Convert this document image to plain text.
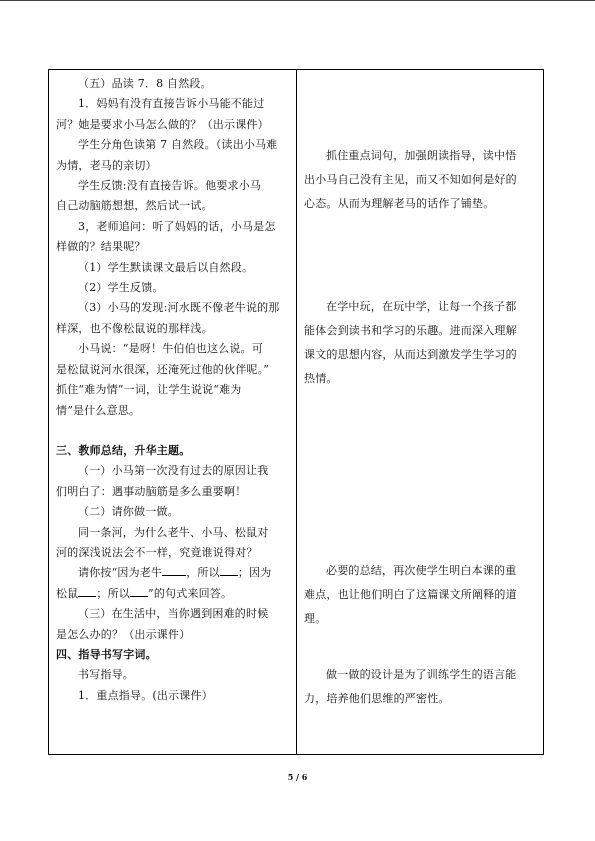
（五）品读 7．8 自然段。
1．妈妈有没有直接告诉小马能不能过
河？她是要求小马怎么做的？（出示课件）
学生分角色读第 7 自然段。（读出小马难
为情，老马的亲切）
学生反馈:没有直接告诉。他要求小马
自己动脑筋想想，然后试一试。
3，老师追问：听了妈妈的话，小马是怎
样做的？结果呢？
（1）学生默读课文最后以自然段。
（2）学生反馈。
（3）小马的发现:河水既不像老牛说的那
样深，也不像松鼠说的那样浅。
小马说：“是呀！牛伯伯也这么说。可
是松鼠说河水很深，还淹死过他的伙伴呢。”
抓住“难为情”一词，让学生说说“难为
情”是什么意思。
三、教师总结，升华主题。
（一）小马第一次没有过去的原因让我
们明白了：遇事动脑筋是多么重要啊！
（二）请你做一做。
同一条河，为什么老牛、小马、松鼠对
河的深浅说法会不一样，究竟谁说得对？
请你按“因为老牛 ，所以 ；因为
松鼠 ；所以 ”的句式来回答。
（三）在生活中，当你遇到困难的时候
是怎么办的？（出示课件）
四、指导书写字词。
书写指导。
1．重点指导。(出示课件）
抓住重点词句，加强朗读指导，读中悟
出小马自己没有主见，而又不知如何是好的
心态。从而为理解老马的话作了铺垫。
在学中玩，在玩中学，让每一个孩子都
能体会到读书和学习的乐趣。进而深入理解
课文的思想内容，从而达到激发学生学习的
热情。
必要的总结，再次使学生明白本课的重
难点，也让他们明白了这篇课文所阐释的道
理。
做一做的设计是为了训练学生的语言能
力，培养他们思维的严密性。
5 / 6
